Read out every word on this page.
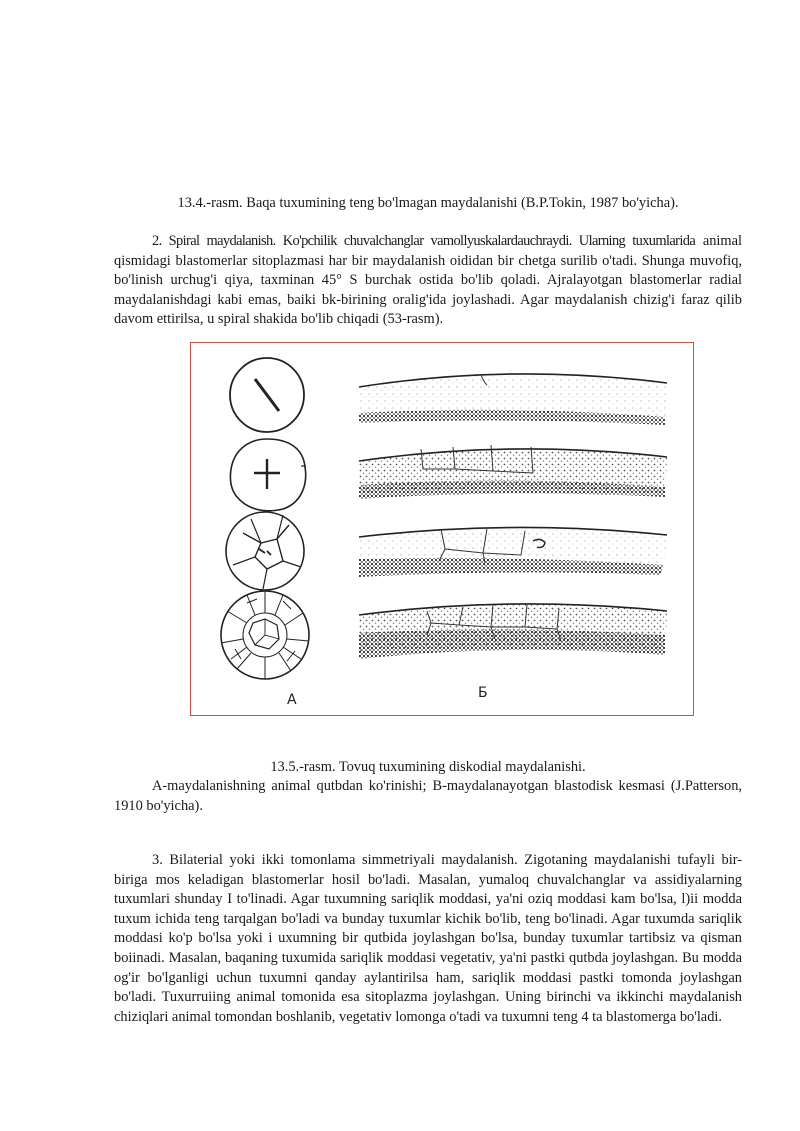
13.4.-rasm. Baqa tuxumining teng bo'lmagan maydalanishi (B.P.Tokin, 1987 bo'yicha).
2. Spiral maydalanish. Ko'pchilik chuvalchanglar vamollyuskalardauchraydi. Ularning tuxumlarida animal qismidagi blastomerlar sitoplazmasi har bir maydalanish oididan bir chetga surilib o'tadi. Shunga muvofiq, bo'linish urchug'i qiya, taxminan 45° S burchak ostida bo'lib qoladi. Ajralayotgan blastomerlar radial maydalanishdagi kabi emas, baiki bk-birining oralig'ida joylashadi. Agar maydalanish chizig'i faraz qilib davom ettirilsa, u spiral shakida bo'lib chiqadi (53-rasm).
A	Б
13.5.-rasm. Tovuq tuxumining diskodial maydalanishi.
A-maydalanishning animal qutbdan ko'rinishi; B-maydalanayotgan blastodisk kesmasi (J.Patterson, 1910 bo'yicha).
3. Bilaterial yoki ikki tomonlama simmetriyali maydalanish. Zigotaning maydalanishi tufayli bir-biriga mos keladigan blastomerlar hosil bo'ladi. Masalan, yumaloq chuvalchanglar va assidiyalarning tuxumlari shunday I to'linadi. Agar tuxumning sariqlik moddasi, ya'ni oziq moddasi kam bo'lsa, l)ii modda tuxum ichida teng tarqalgan bo'ladi va bunday tuxumlar kichik bo'lib, teng bo'linadi. Agar tuxumda sariqlik moddasi ko'p bo'lsa yoki i uxumning bir qutbida joylashgan bo'lsa, bunday tuxumlar tartibsiz va qisman boiinadi. Masalan, baqaning tuxumida sariqlik moddasi vegetativ, ya'ni pastki qutbda joylashgan. Bu modda og'ir bo'lganligi uchun tuxumni qanday aylantirilsa ham, sariqlik moddasi pastki tomonda joylashgan bo'ladi. Tuxurruiing animal tomonida esa sitoplazma joylashgan. Uning birinchi va ikkinchi maydalanish chiziqlari animal tomondan boshlanib, vegetativ lomonga o'tadi va tuxumni teng 4 ta blastomerga bo'ladi.
